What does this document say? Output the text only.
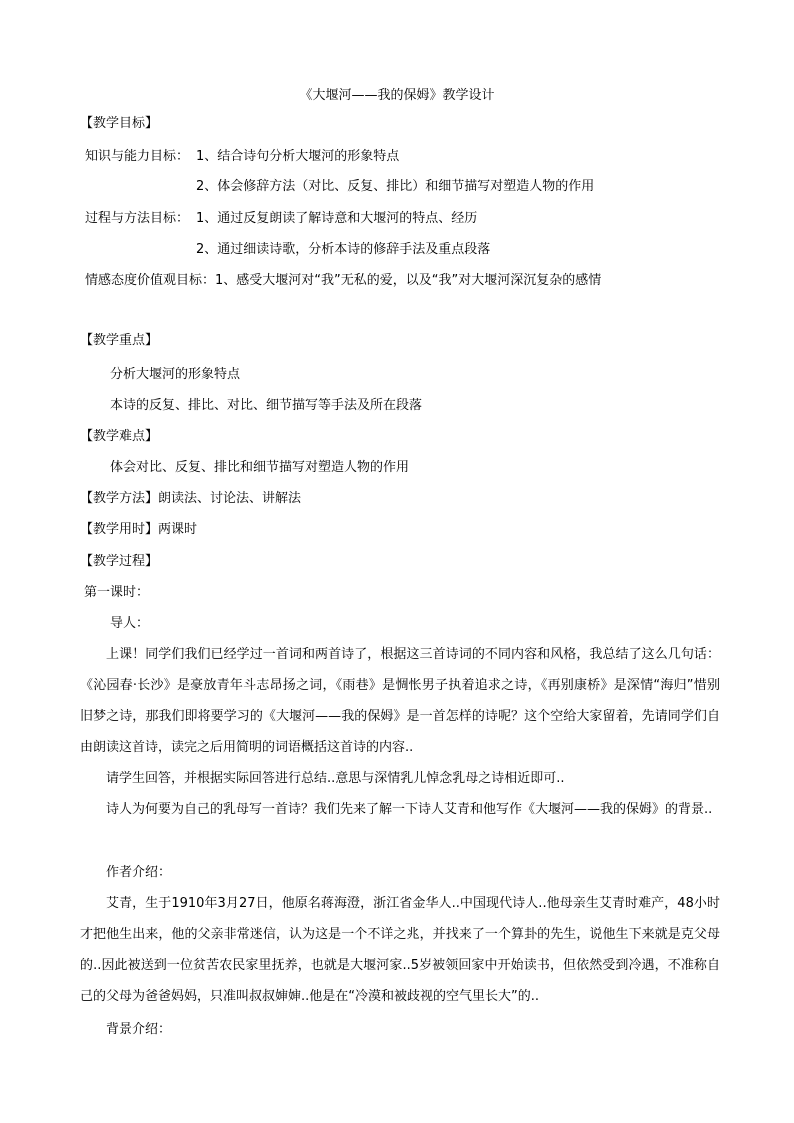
《大堰河——我的保姆》教学设计
【教学目标】
知识与能力目标： 1、结合诗句分析大堰河的形象特点
2、体会修辞方法（对比、反复、排比）和细节描写对塑造人物的作用
过程与方法目标： 1、通过反复朗读了解诗意和大堰河的特点、经历
2、通过细读诗歌，分析本诗的修辞手法及重点段落
情感态度价值观目标：1、感受大堰河对“我”无私的爱，以及“我”对大堰河深沉复杂的感情
【教学重点】
分析大堰河的形象特点
本诗的反复、排比、对比、细节描写等手法及所在段落
【教学难点】
体会对比、反复、排比和细节描写对塑造人物的作用
【教学方法】朗读法、讨论法、讲解法
【教学用时】两课时
【教学过程】
第一课时：
导人：
上课！同学们我们已经学过一首词和两首诗了，根据这三首诗词的不同内容和风格，我总结了这么几句话：《沁园春·长沙》是豪放青年斗志昂扬之词，《雨巷》是惆怅男子执着追求之诗，《再别康桥》是深情“海归”惜别旧梦之诗，那我们即将要学习的《大堰河——我的保姆》是一首怎样的诗呢？这个空给大家留着，先请同学们自由朗读这首诗，读完之后用简明的词语概括这首诗的内容..
请学生回答，并根据实际回答进行总结..意思与深情乳儿悼念乳母之诗相近即可..
诗人为何要为自己的乳母写一首诗？我们先来了解一下诗人艾青和他写作《大堰河——我的保姆》的背景..
作者介绍：
艾青，生于1910年3月27日，他原名蒋海澄，浙江省金华人..中国现代诗人..他母亲生艾青时难产，48小时才把他生出来，他的父亲非常迷信，认为这是一个不详之兆，并找来了一个算卦的先生，说他生下来就是克父母的..因此被送到一位贫苦农民家里抚养，也就是大堰河家..5岁被领回家中开始读书，但依然受到冷遇，不准称自己的父母为爸爸妈妈，只准叫叔叔婶婶..他是在“冷漠和被歧视的空气里长大”的..
背景介绍：
